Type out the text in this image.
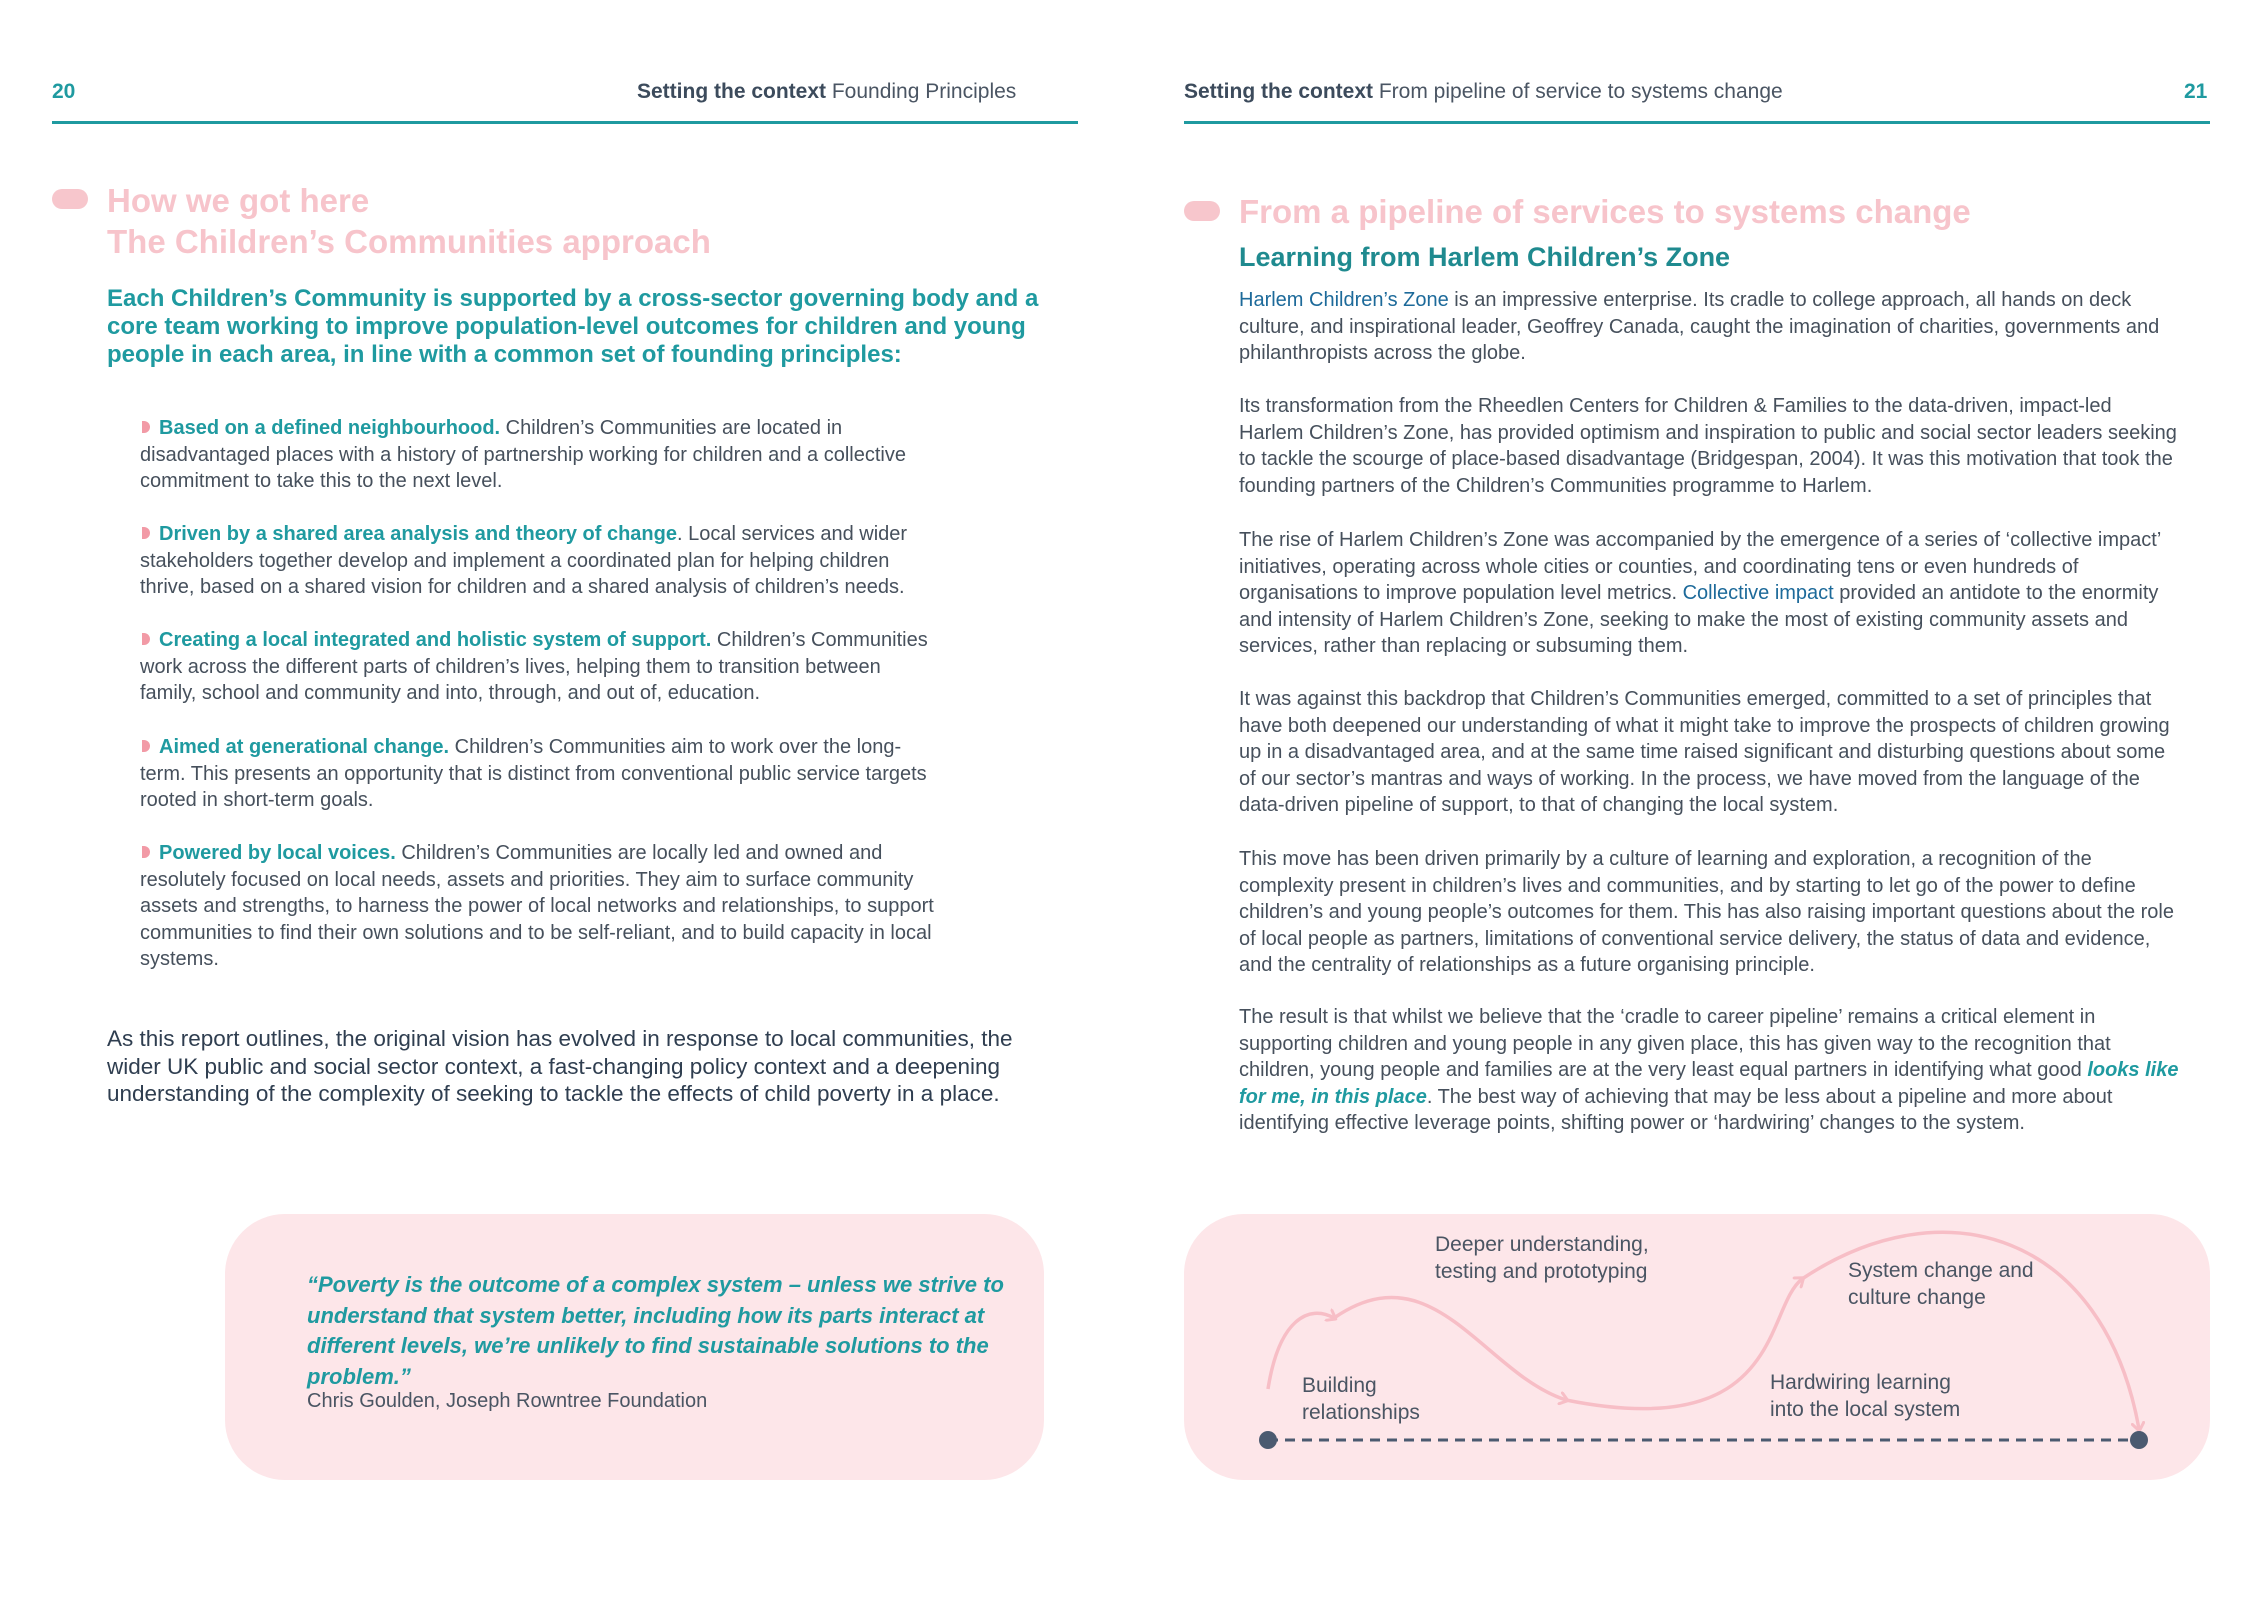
20	Setting the context Founding Principles
How we got here
The Children’s Communities approach
Each Children’s Community is supported by a cross-sector governing body and a core team working to improve population-level outcomes for children and young people in each area, in line with a common set of founding principles:
Based on a defined neighbourhood. Children’s Communities are located in disadvantaged places with a history of partnership working for children and a collective commitment to take this to the next level.
Driven by a shared area analysis and theory of change. Local services and wider stakeholders together develop and implement a coordinated plan for helping children thrive, based on a shared vision for children and a shared analysis of children’s needs.
Creating a local integrated and holistic system of support. Children’s Communities work across the different parts of children’s lives, helping them to transition between family, school and community and into, through, and out of, education.
Aimed at generational change. Children’s Communities aim to work over the long-term. This presents an opportunity that is distinct from conventional public service targets rooted in short-term goals.
Powered by local voices. Children’s Communities are locally led and owned and resolutely focused on local needs, assets and priorities. They aim to surface community assets and strengths, to harness the power of local networks and relationships, to support communities to find their own solutions and to be self-reliant, and to build capacity in local systems.
As this report outlines, the original vision has evolved in response to local communities, the wider UK public and social sector context, a fast-changing policy context and a deepening understanding of the complexity of seeking to tackle the effects of child poverty in a place.
“Poverty is the outcome of a complex system – unless we strive to understand that system better, including how its parts interact at different levels, we’re unlikely to find sustainable solutions to the problem.”
Chris Goulden, Joseph Rowntree Foundation
Setting the context From pipeline of service to systems change	21
From a pipeline of services to systems change
Learning from Harlem Children’s Zone
Harlem Children’s Zone is an impressive enterprise. Its cradle to college approach, all hands on deck culture, and inspirational leader, Geoffrey Canada, caught the imagination of charities, governments and philanthropists across the globe.
Its transformation from the Rheedlen Centers for Children & Families to the data-driven, impact-led Harlem Children’s Zone, has provided optimism and inspiration to public and social sector leaders seeking to tackle the scourge of place-based disadvantage (Bridgespan, 2004). It was this motivation that took the founding partners of the Children’s Communities programme to Harlem.
The rise of Harlem Children’s Zone was accompanied by the emergence of a series of ‘collective impact’ initiatives, operating across whole cities or counties, and coordinating tens or even hundreds of organisations to improve population level metrics. Collective impact provided an antidote to the enormity and intensity of Harlem Children’s Zone, seeking to make the most of existing community assets and services, rather than replacing or subsuming them.
It was against this backdrop that Children’s Communities emerged, committed to a set of principles that have both deepened our understanding of what it might take to improve the prospects of children growing up in a disadvantaged area, and at the same time raised significant and disturbing questions about some of our sector’s mantras and ways of working. In the process, we have moved from the language of the data-driven pipeline of support, to that of changing the local system.
This move has been driven primarily by a culture of learning and exploration, a recognition of the complexity present in children’s lives and communities, and by starting to let go of the power to define children’s and young people’s outcomes for them. This has also raising important questions about the role of local people as partners, limitations of conventional service delivery, the status of data and evidence, and the centrality of relationships as a future organising principle.
The result is that whilst we believe that the ‘cradle to career pipeline’ remains a critical element in supporting children and young people in any given place, this has given way to the recognition that children, young people and families are at the very least equal partners in identifying what good looks like for me, in this place. The best way of achieving that may be less about a pipeline and more about identifying effective leverage points, shifting power or ‘hardwiring’ changes to the system.
Building
relationships
Deeper understanding,
testing and prototyping
Hardwiring learning
into the local system
System change and
culture change
